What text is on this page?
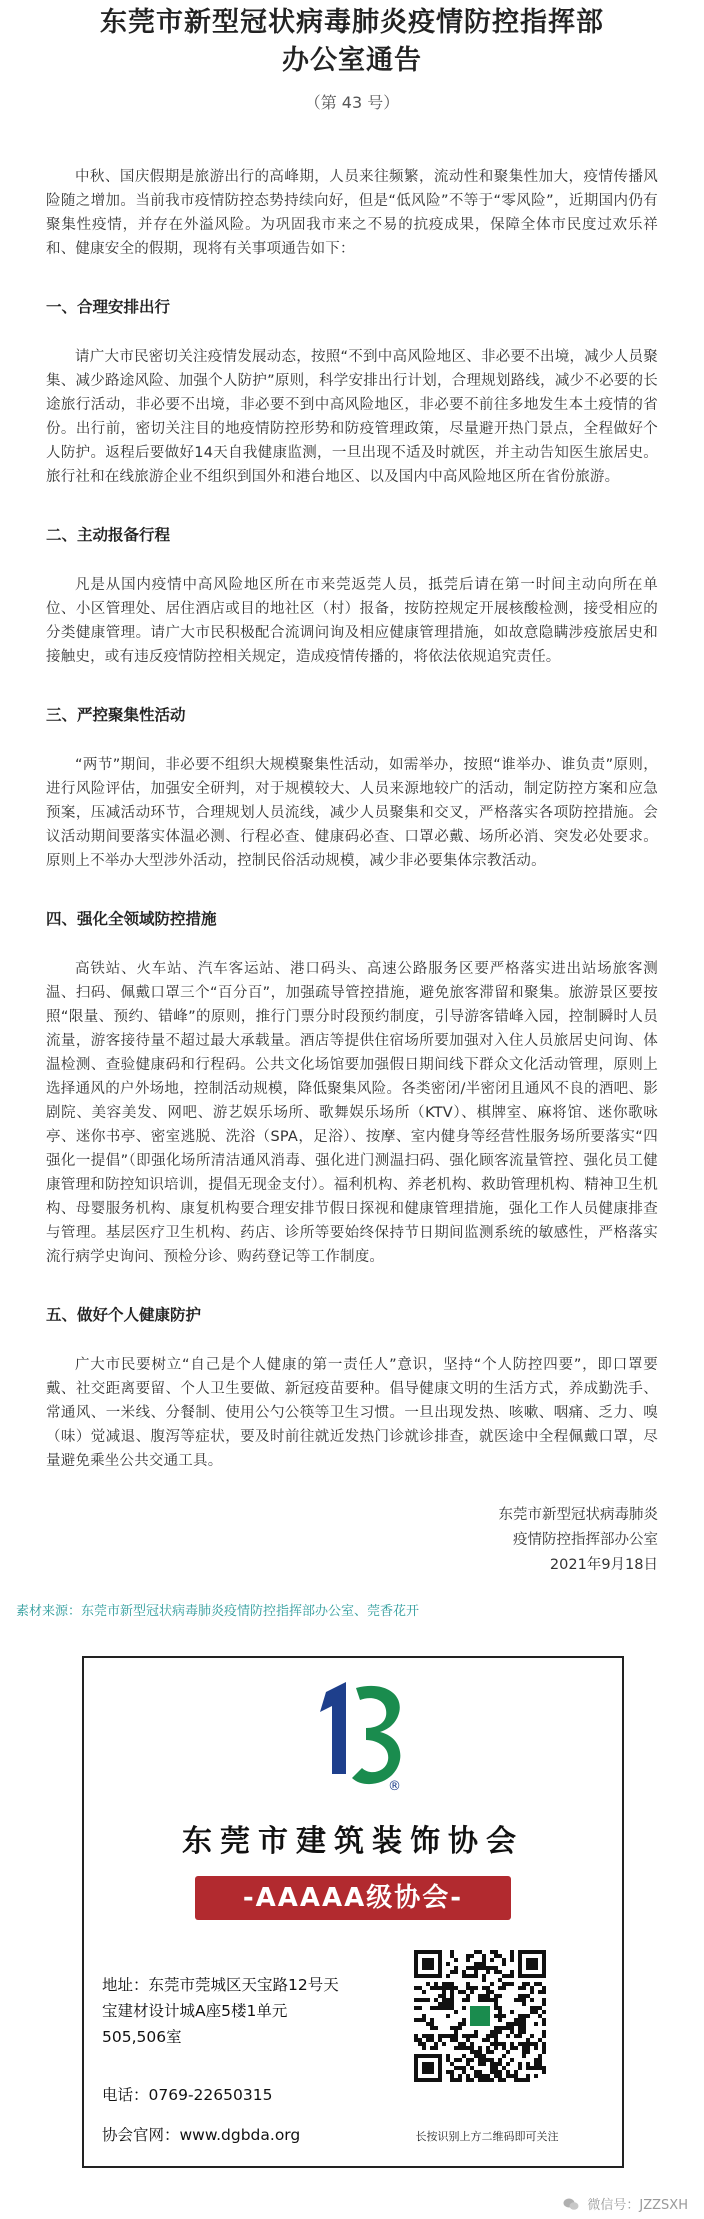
东莞市新型冠状病毒肺炎疫情防控指挥部
办公室通告
（第 43 号）

中秋、国庆假期是旅游出行的高峰期，人员来往频繁，流动性和聚集性加大，疫情传播风险随之增加。当前我市疫情防控态势持续向好，但是“低风险”不等于“零风险”，近期国内仍有聚集性疫情，并存在外溢风险。为巩固我市来之不易的抗疫成果，保障全体市民度过欢乐祥和、健康安全的假期，现将有关事项通告如下：

一、合理安排出行

请广大市民密切关注疫情发展动态，按照“不到中高风险地区、非必要不出境，减少人员聚集、减少路途风险、加强个人防护”原则，科学安排出行计划，合理规划路线，减少不必要的长途旅行活动，非必要不出境，非必要不到中高风险地区，非必要不前往多地发生本土疫情的省份。出行前，密切关注目的地疫情防控形势和防疫管理政策，尽量避开热门景点，全程做好个人防护。返程后要做好14天自我健康监测，一旦出现不适及时就医，并主动告知医生旅居史。旅行社和在线旅游企业不组织到国外和港台地区、以及国内中高风险地区所在省份旅游。

二、主动报备行程

凡是从国内疫情中高风险地区所在市来莞返莞人员，抵莞后请在第一时间主动向所在单位、小区管理处、居住酒店或目的地社区（村）报备，按防控规定开展核酸检测，接受相应的分类健康管理。请广大市民积极配合流调问询及相应健康管理措施，如故意隐瞒涉疫旅居史和接触史，或有违反疫情防控相关规定，造成疫情传播的，将依法依规追究责任。

三、严控聚集性活动

“两节”期间，非必要不组织大规模聚集性活动，如需举办，按照“谁举办、谁负责”原则，进行风险评估，加强安全研判，对于规模较大、人员来源地较广的活动，制定防控方案和应急预案，压减活动环节，合理规划人员流线，减少人员聚集和交叉，严格落实各项防控措施。会议活动期间要落实体温必测、行程必查、健康码必查、口罩必戴、场所必消、突发必处要求。原则上不举办大型涉外活动，控制民俗活动规模，减少非必要集体宗教活动。

四、强化全领域防控措施

高铁站、火车站、汽车客运站、港口码头、高速公路服务区要严格落实进出站场旅客测温、扫码、佩戴口罩三个“百分百”，加强疏导管控措施，避免旅客滞留和聚集。旅游景区要按照“限量、预约、错峰”的原则，推行门票分时段预约制度，引导游客错峰入园，控制瞬时人员流量，游客接待量不超过最大承载量。酒店等提供住宿场所要加强对入住人员旅居史问询、体温检测、查验健康码和行程码。公共文化场馆要加强假日期间线下群众文化活动管理，原则上选择通风的户外场地，控制活动规模，降低聚集风险。各类密闭/半密闭且通风不良的酒吧、影剧院、美容美发、网吧、游艺娱乐场所、歌舞娱乐场所（KTV）、棋牌室、麻将馆、迷你歌咏亭、迷你书亭、密室逃脱、洗浴（SPA，足浴）、按摩、室内健身等经营性服务场所要落实“四强化一提倡”（即强化场所清洁通风消毒、强化进门测温扫码、强化顾客流量管控、强化员工健康管理和防控知识培训，提倡无现金支付）。福利机构、养老机构、救助管理机构、精神卫生机构、母婴服务机构、康复机构要合理安排节假日探视和健康管理措施，强化工作人员健康排查与管理。基层医疗卫生机构、药店、诊所等要始终保持节日期间监测系统的敏感性，严格落实流行病学史询问、预检分诊、购药登记等工作制度。

五、做好个人健康防护

广大市民要树立“自己是个人健康的第一责任人”意识，坚持“个人防控四要”，即口罩要戴、社交距离要留、个人卫生要做、新冠疫苗要种。倡导健康文明的生活方式，养成勤洗手、常通风、一米线、分餐制、使用公勺公筷等卫生习惯。一旦出现发热、咳嗽、咽痛、乏力、嗅（味）觉减退、腹泻等症状，要及时前往就近发热门诊就诊排查，就医途中全程佩戴口罩，尽量避免乘坐公共交通工具。

东莞市新型冠状病毒肺炎
疫情防控指挥部办公室
2021年9月18日
素材来源：东莞市新型冠状病毒肺炎疫情防控指挥部办公室、莞香花开
®
东莞市建筑装饰协会
-AAAAA级协会-
地址：东莞市莞城区天宝路12号天宝建材设计城A座5楼1单元505,506室
电话：0769-22650315
协会官网：www.dgbda.org	长按识别上方二维码即可关注
微信号：JZZSXH
